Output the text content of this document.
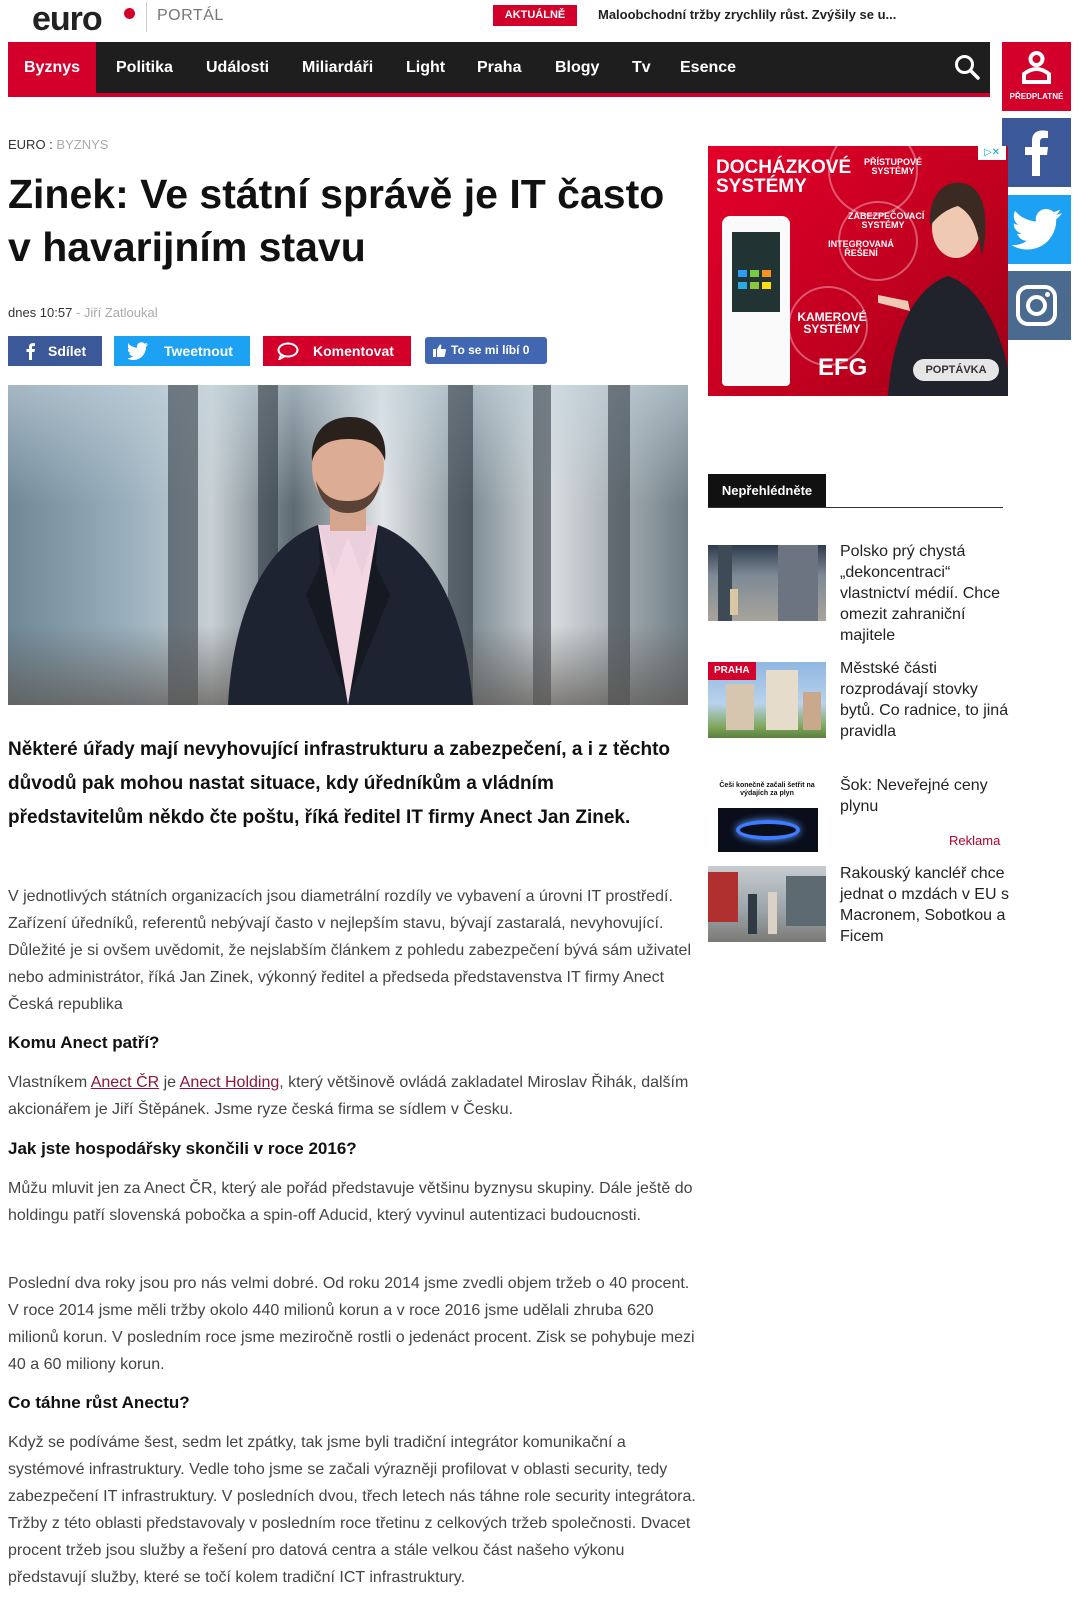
euro	PORTÁL	AKTUÁLNĚ	Maloobchodní tržby zrychlily růst. Zvýšily se u...
Byznys	Politika Události Miliardáři Light Praha Blogy Tv Esence
PŘEDPLATNÉ
EURO : BYZNYS
Zinek: Ve státní správě je IT často v havarijním stavu
dnes 10:57 - Jiří Zatloukal
Sdílet	Tweetnout	Komentovat	To se mi líbí 0

Některé úřady mají nevyhovující infrastrukturu a zabezpečení, a i z těchto důvodů pak mohou nastat situace, kdy úředníkům a vládním představitelům někdo čte poštu, říká ředitel IT firmy Anect Jan Zinek.

V jednotlivých státních organizacích jsou diametrální rozdíly ve vybavení a úrovni IT prostředí. Zařízení úředníků, referentů nebývají často v nejlepším stavu, bývají zastaralá, nevyhovující. Důležité je si ovšem uvědomit, že nejslabším článkem z pohledu zabezpečení bývá sám uživatel nebo administrátor, říká Jan Zinek, výkonný ředitel a předseda představenstva IT firmy Anect Česká republika

Komu Anect patří?

Vlastníkem Anect ČR je Anect Holding, který většinově ovládá zakladatel Miroslav Řihák, dalším akcionářem je Jiří Štěpánek. Jsme ryze česká firma se sídlem v Česku.

Jak jste hospodářsky skončili v roce 2016?

Můžu mluvit jen za Anect ČR, který ale pořád představuje většinu byznysu skupiny. Dále ještě do holdingu patří slovenská pobočka a spin-off Aducid, který vyvinul autentizaci budoucnosti.

Poslední dva roky jsou pro nás velmi dobré. Od roku 2014 jsme zvedli objem tržeb o 40 procent. V roce 2014 jsme měli tržby okolo 440 milionů korun a v roce 2016 jsme udělali zhruba 620 milionů korun. V posledním roce jsme meziročně rostli o jedenáct procent. Zisk se pohybuje mezi 40 a 60 miliony korun.

Co táhne růst Anectu?

Když se podíváme šest, sedm let zpátky, tak jsme byli tradiční integrátor komunikační a systémové infrastruktury. Vedle toho jsme se začali výrazněji profilovat v oblasti security, tedy zabezpečení IT infrastruktury. V posledních dvou, třech letech nás táhne role security integrátora. Tržby z této oblasti představovaly v posledním roce třetinu z celkových tržeb společnosti. Dvacet procent tržeb jsou služby a řešení pro datová centra a stále velkou část našeho výkonu představují služby, které se točí kolem tradiční ICT infrastruktury.

DOCHÁZKOVÉ SYSTÉMY
PŘÍSTUPOVÉ SYSTÉMY
ZABEZPEČOVACÍ SYSTÉMY
INTEGROVANÁ ŘEŠENÍ
KAMEROVÉ SYSTÉMY
EFG	POPTÁVKA
▷✕
Nepřehlédněte
Polsko prý chystá „dekoncentraci“ vlastnictví médií. Chce omezit zahraniční majitele
PRAHA	Městské části rozprodávají stovky bytů. Co radnice, to jiná pravidla
Češi konečně začali šetřit na výdajích za plyn	Šok: Neveřejné ceny plynu
Reklama
Rakouský kancléř chce jednat o mzdách v EU s Macronem, Sobotkou a Ficem
